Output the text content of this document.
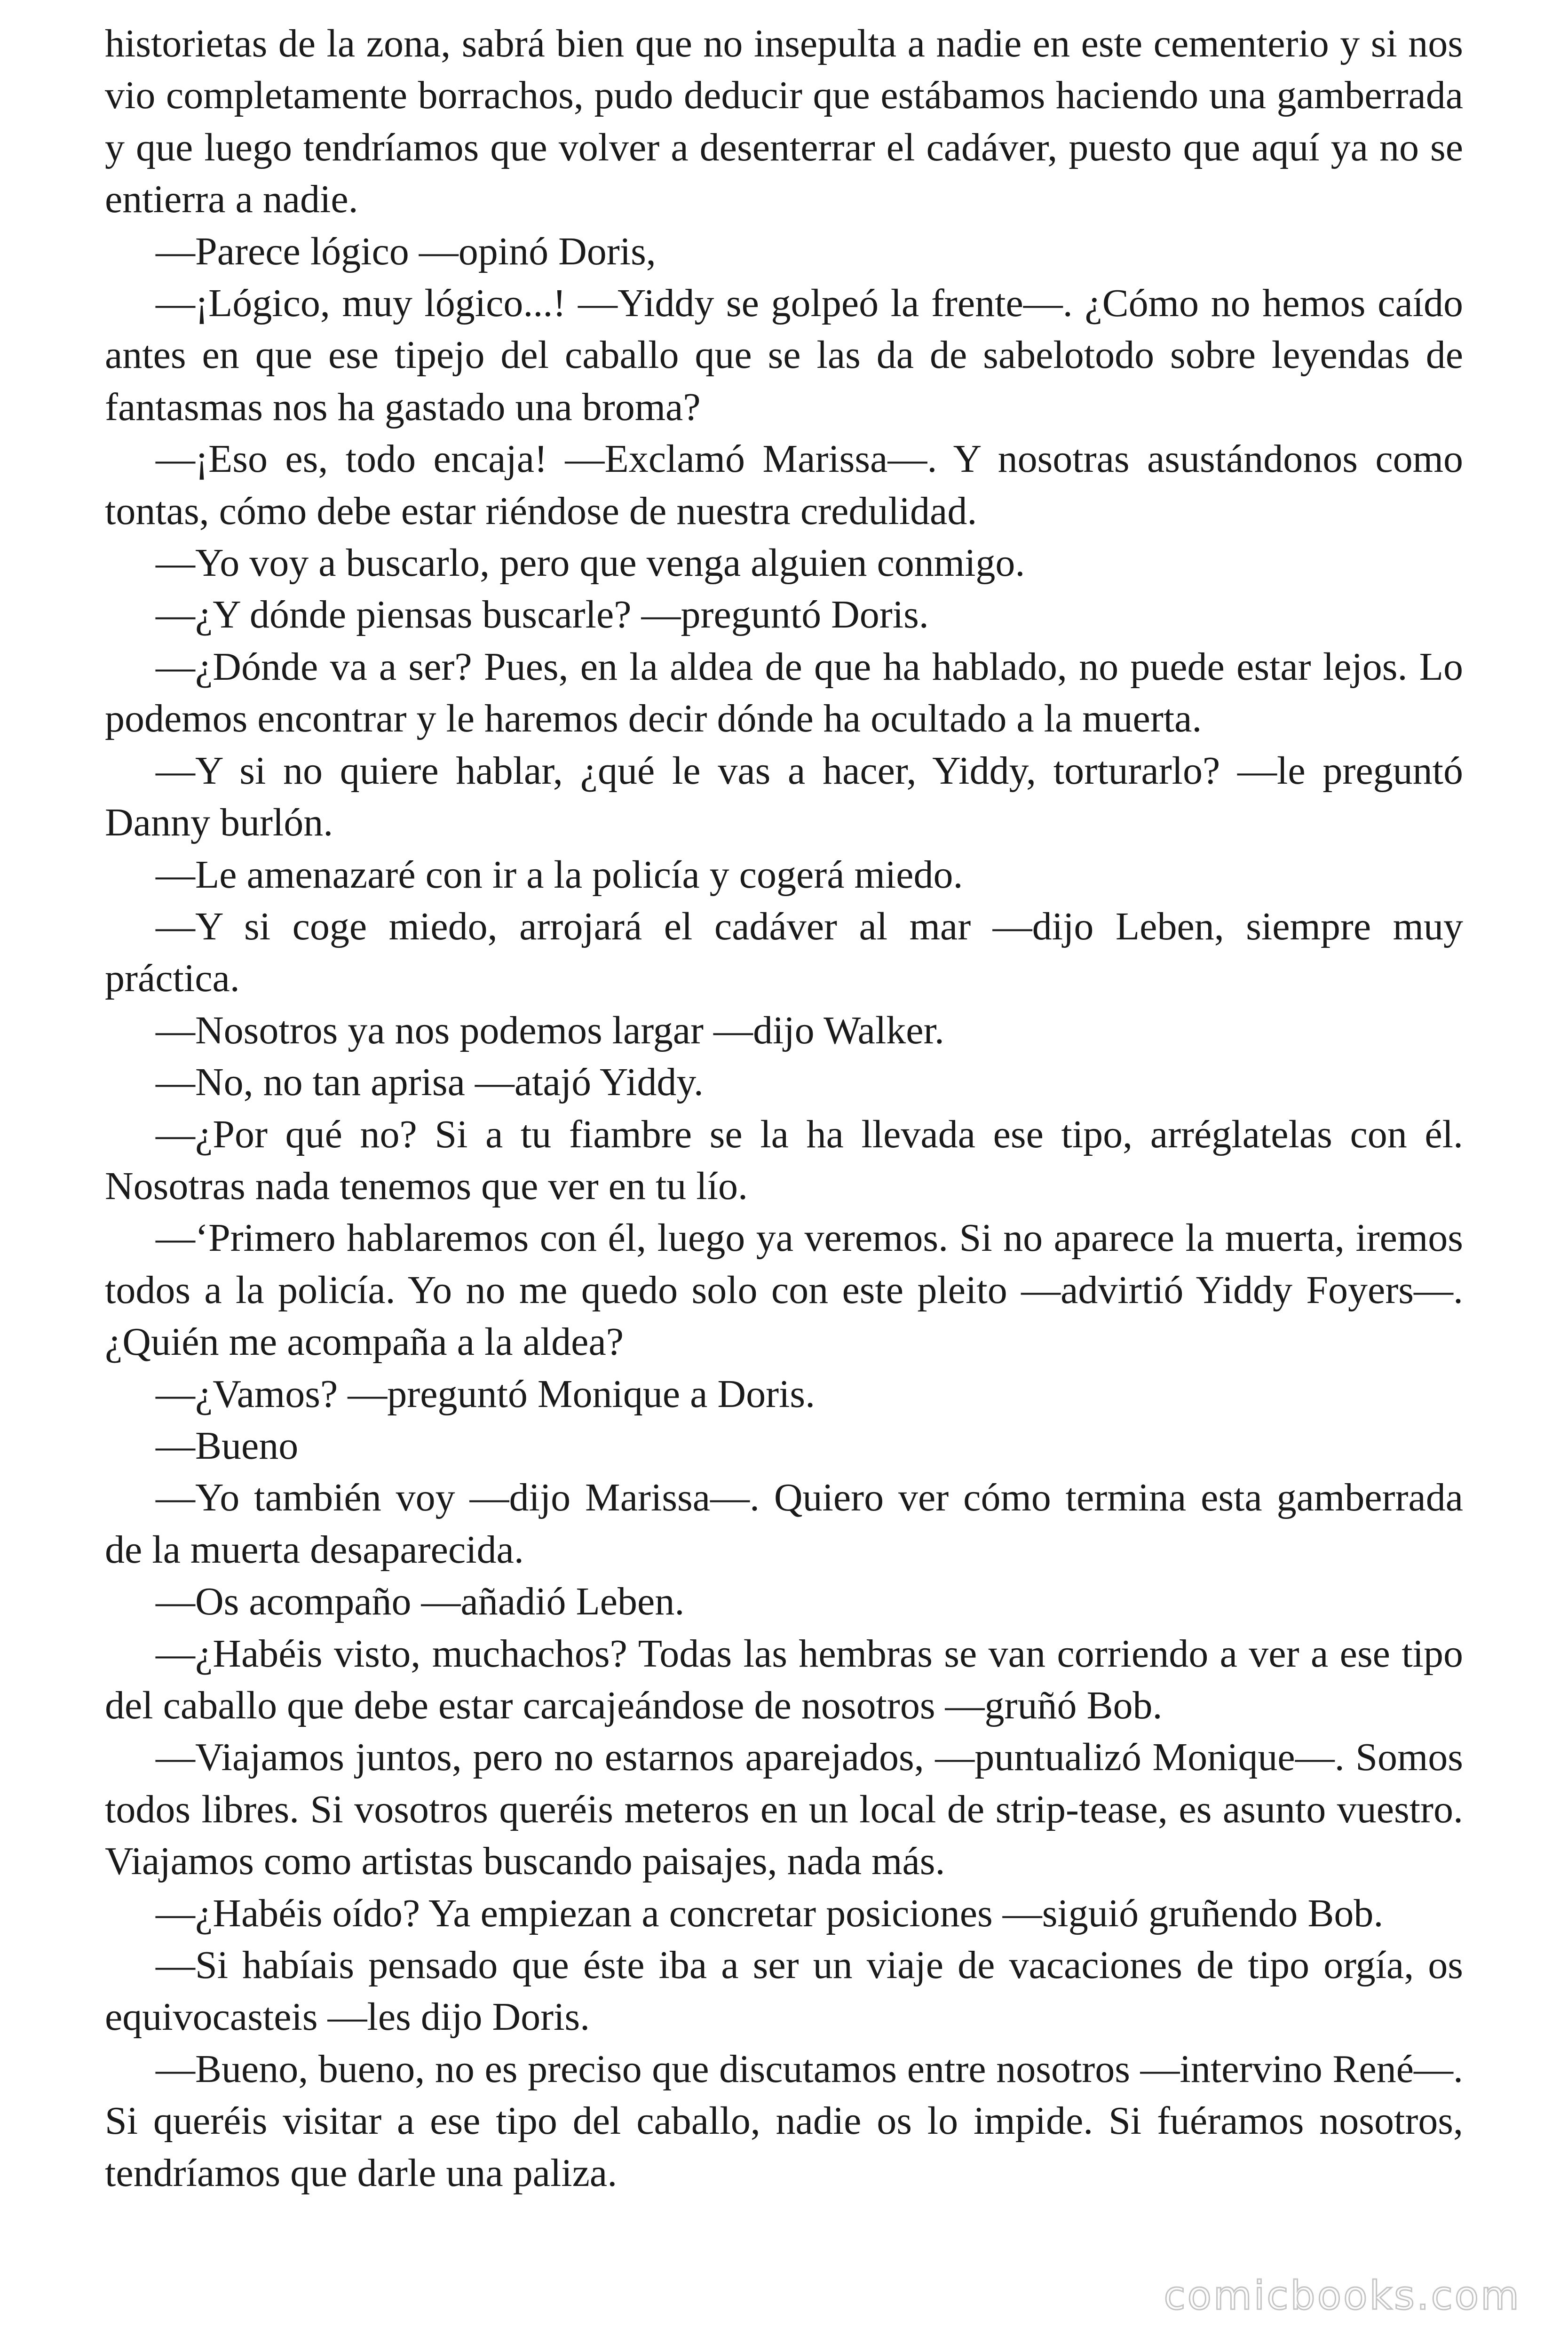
historietas de la zona, sabrá bien que no insepulta a nadie en este cementerio y si nos vio completamente borrachos, pudo deducir que estábamos haciendo una gamberrada y que luego tendríamos que volver a desenterrar el cadáver, puesto que aquí ya no se entierra a nadie.

—Parece lógico —opinó Doris,

—¡Lógico, muy lógico...! —Yiddy se golpeó la frente—. ¿Cómo no hemos caído antes en que ese tipejo del caballo que se las da de sabelotodo sobre leyendas de fantasmas nos ha gastado una broma?

—¡Eso es, todo encaja! —Exclamó Marissa—. Y nosotras asustándonos como tontas, cómo debe estar riéndose de nuestra credulidad.

—Yo voy a buscarlo, pero que venga alguien conmigo.

—¿Y dónde piensas buscarle? —preguntó Doris.

—¿Dónde va a ser? Pues, en la aldea de que ha hablado, no puede estar lejos. Lo podemos encontrar y le haremos decir dónde ha ocultado a la muerta.

—Y si no quiere hablar, ¿qué le vas a hacer, Yiddy, torturarlo? —le preguntó Danny burlón.

—Le amenazaré con ir a la policía y cogerá miedo.

—Y si coge miedo, arrojará el cadáver al mar —dijo Leben, siempre muy práctica.

—Nosotros ya nos podemos largar —dijo Walker.

—No, no tan aprisa —atajó Yiddy.

—¿Por qué no? Si a tu fiambre se la ha llevada ese tipo, arréglatelas con él. Nosotras nada tenemos que ver en tu lío.

—‘Primero hablaremos con él, luego ya veremos. Si no aparece la muerta, iremos todos a la policía. Yo no me quedo solo con este pleito —advirtió Yiddy Foyers—. ¿Quién me acompaña a la aldea?

—¿Vamos? —preguntó Monique a Doris.

—Bueno

—Yo también voy —dijo Marissa—. Quiero ver cómo termina esta gamberrada de la muerta desaparecida.

—Os acompaño —añadió Leben.

—¿Habéis visto, muchachos? Todas las hembras se van corriendo a ver a ese tipo del caballo que debe estar carcajeándose de nosotros —gruñó Bob.

—Viajamos juntos, pero no estarnos aparejados, —puntualizó Monique—. Somos todos libres. Si vosotros queréis meteros en un local de strip-tease, es asunto vuestro. Viajamos como artistas buscando paisajes, nada más.

—¿Habéis oído? Ya empiezan a concretar posiciones —siguió gruñendo Bob.

—Si habíais pensado que éste iba a ser un viaje de vacaciones de tipo orgía, os equivocasteis —les dijo Doris.

—Bueno, bueno, no es preciso que discutamos entre nosotros —intervino René—. Si queréis visitar a ese tipo del caballo, nadie os lo impide. Si fuéramos nosotros, tendríamos que darle una paliza.

comicbooks.com
